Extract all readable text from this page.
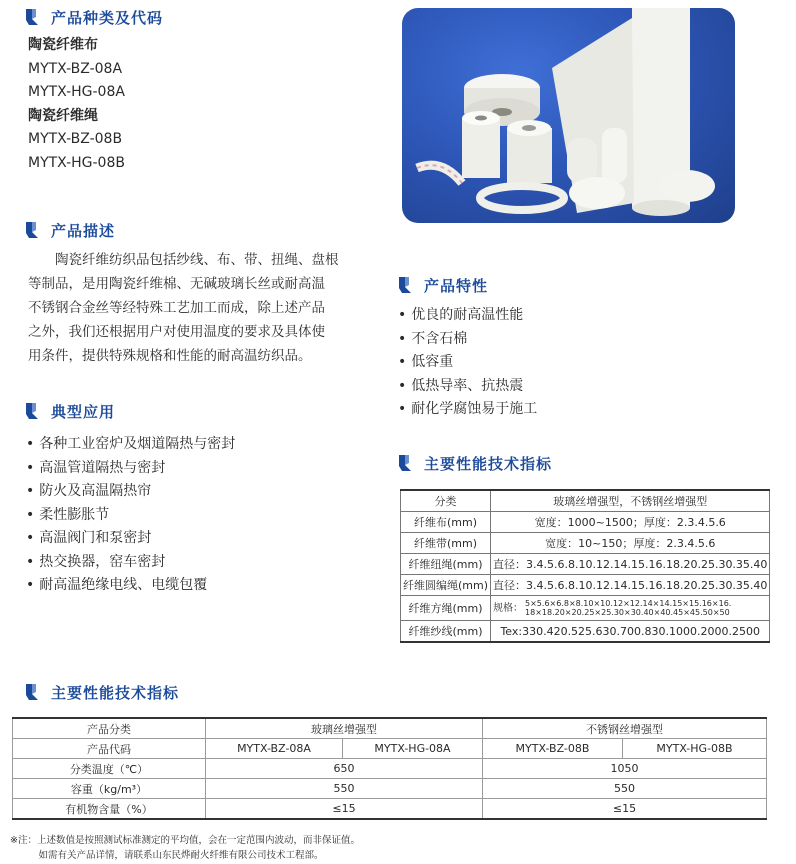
产品种类及代码
陶瓷纤维布
MYTX-BZ-08A
MYTX-HG-08A
陶瓷纤维绳
MYTX-BZ-08B
MYTX-HG-08B
产品描述
　　陶瓷纤维纺织品包括纱线、布、带、扭绳、盘根
等制品，是用陶瓷纤维棉、无碱玻璃长丝或耐高温
不锈钢合金丝等经特殊工艺加工而成，除上述产品
之外，我们还根据用户对使用温度的要求及具体使
用条件，提供特殊规格和性能的耐高温纺织品。
典型应用
• 各种工业窑炉及烟道隔热与密封
• 高温管道隔热与密封
• 防火及高温隔热帘
• 柔性膨胀节
• 高温阀门和泵密封
• 热交换器，窑车密封
• 耐高温绝缘电线、电缆包覆
产品特性
• 优良的耐高温性能
• 不含石棉
• 低容重
• 低热导率、抗热震
• 耐化学腐蚀易于施工
主要性能技术指标
分类	玻璃丝增强型，不锈钢丝增强型
纤维布(mm)	宽度：1000~1500；厚度：2.3.4.5.6
纤维带(mm)	宽度：10~150；厚度：2.3.4.5.6
纤维纽绳(mm)	直径：3.4.5.6.8.10.12.14.15.16.18.20.25.30.35.40
纤维圆编绳(mm)	直径：3.4.5.6.8.10.12.14.15.16.18.20.25.30.35.40
纤维方绳(mm)	规格： 5×5.6×6.8×8.10×10.12×12.14×14.15×15.16×16.
18×18.20×20.25×25.30×30.40×40.45×45.50×50

纤维纱线(mm)	Tex:330.420.525.630.700.830.1000.2000.2500
主要性能技术指标
产品分类	玻璃丝增强型		不锈钢丝增强型	
产品代码	MYTX-BZ-08A	MYTX-HG-08A	MYTX-BZ-08B	MYTX-HG-08B
分类温度（℃）	650		1050	
容重（kg/m³）	550		550	
有机物含量（%）	≤15		≤15	
※注：上述数值是按照测试标准测定的平均值，会在一定范围内波动，而非保证值。
　　　如需有关产品详情，请联系山东民烨耐火纤维有限公司技术工程部。
